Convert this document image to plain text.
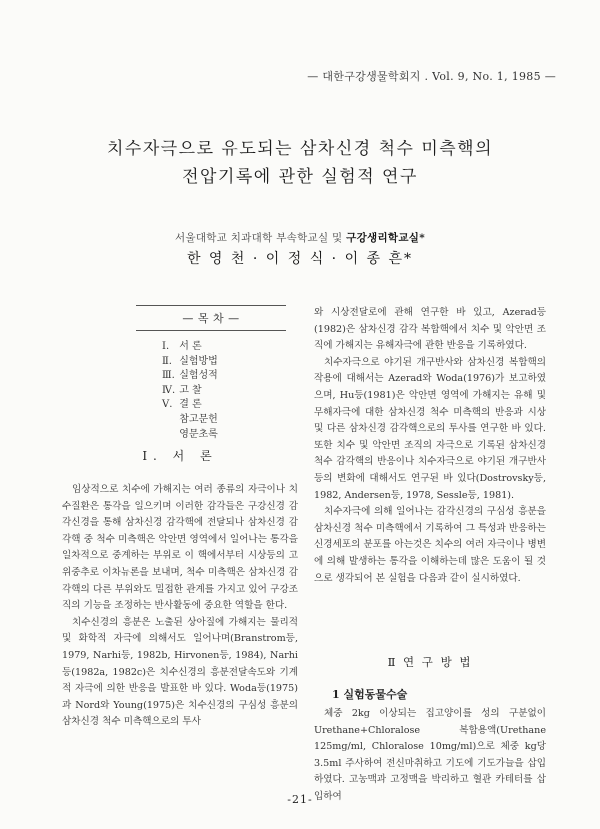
— 대한구강생물학회지 . Vol. 9, No. 1, 1985 —
치수자극으로 유도되는 삼차신경 척수 미측핵의
전압기록에 관한 실험적 연구
서울대학교 치과대학 부속학교실 및 구강생리학교실*
한 영 천 · 이 정 식 · 이 종 흔*
— 목 차 —
Ⅰ. 서 론
Ⅱ. 실험방법
Ⅲ. 실험성적
Ⅳ. 고 찰
Ⅴ. 결 론
참고문헌
영문초록
Ⅰ. 서 론

임상적으로 치수에 가해지는 여러 종류의 자극이나 치수질환은 통각을 일으키며 이러한 감각들은 구강신경 감각신경을 통해 삼차신경 감각핵에 전달되나 삼차신경 감각핵 중 척수 미측핵은 악안면 영역에서 일어나는 통각을 일차적으로 중계하는 부위로 이 핵에서부터 시상등의 고위중추로 이차뉴론을 보내며, 척수 미측핵은 삼차신경 감각핵의 다른 부위와도 밀접한 관계를 가지고 있어 구강조직의 기능을 조정하는 반사활동에 중요한 역할을 한다.

치수신경의 흥분은 노출된 상아질에 가해지는 물리적 및 화학적 자극에 의해서도 일어나며(Branstrom등, 1979, Narhi등, 1982b, Hirvonen등, 1984), Narhi등(1982a, 1982c)은 치수신경의 흥분전달속도와 기계적 자극에 의한 반응을 발표한 바 있다. Woda등(1975)과 Nord와 Young(1975)은 치수신경의 구심성 흥분의 삼차신경 척수 미측핵으로의 투사

와 시상전달로에 관해 연구한 바 있고, Azerad등(1982)은 삼차신경 감각 복합핵에서 치수 및 악안면 조직에 가해지는 유해자극에 관한 반응을 기록하였다.

치수자극으로 야기된 개구반사와 삼차신경 복합핵의 작용에 대해서는 Azerad와 Woda(1976)가 보고하였으며, Hu등(1981)은 악안면 영역에 가해지는 유해 및 무해자극에 대한 삼차신경 척수 미측핵의 반응과 시상 및 다른 삼차신경 감각핵으로의 투사를 연구한 바 있다. 또한 치수 및 악안면 조직의 자극으로 기록된 삼차신경 척수 감각핵의 반응이나 치수자극으로 야기된 개구반사등의 변화에 대해서도 연구된 바 있다(Dostrovsky등, 1982, Andersen등, 1978, Sessle등, 1981).

치수자극에 의해 일어나는 감각신경의 구심성 흥분을 삼차신경 척수 미측핵에서 기록하여 그 특성과 반응하는 신경세포의 분포를 아는것은 치수의 여러 자극이나 병변에 의해 발생하는 통각을 이해하는데 많은 도움이 될 것으로 생각되어 본 실험을 다음과 같이 실시하였다.

Ⅱ 연 구 방 법
1 실험동물수술

체중 2kg 이상되는 집고양이를 성의 구분없이 Urethane+Chloralose 복합용액(Urethane 125mg/ml, Chloralose 10mg/ml)으로 체중 kg당 3.5ml 주사하여 전신마취하고 기도에 기도가늘을 삽입하였다. 고농맥과 고정맥을 박리하고 혈관 카테터를 삽입하여

-21-
